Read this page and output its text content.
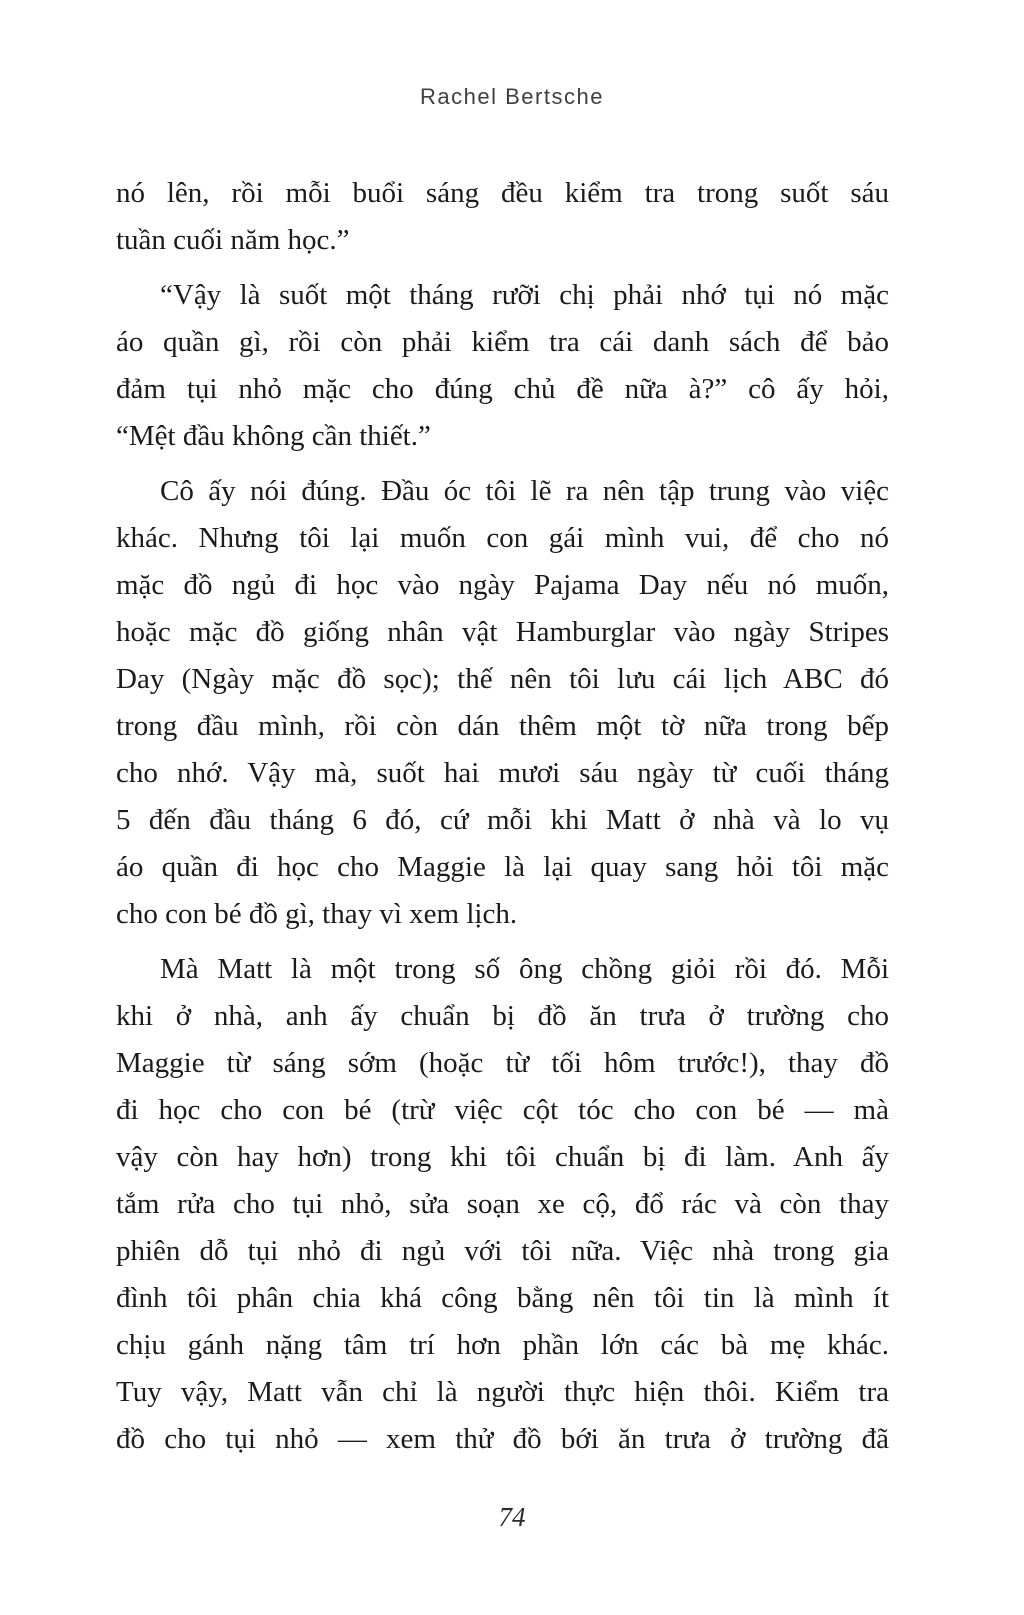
Rachel Bertsche
nó lên, rồi mỗi buổi sáng đều kiểm tra trong suốt sáu
tuần cuối năm học.”
“Vậy là suốt một tháng rưỡi chị phải nhớ tụi nó mặc
áo quần gì, rồi còn phải kiểm tra cái danh sách để bảo
đảm tụi nhỏ mặc cho đúng chủ đề nữa à?” cô ấy hỏi,
“Mệt đầu không cần thiết.”
Cô ấy nói đúng. Đầu óc tôi lẽ ra nên tập trung vào việc
khác. Nhưng tôi lại muốn con gái mình vui, để cho nó
mặc đồ ngủ đi học vào ngày Pajama Day nếu nó muốn,
hoặc mặc đồ giống nhân vật Hamburglar vào ngày Stripes
Day (Ngày mặc đồ sọc); thế nên tôi lưu cái lịch ABC đó
trong đầu mình, rồi còn dán thêm một tờ nữa trong bếp
cho nhớ. Vậy mà, suốt hai mươi sáu ngày từ cuối tháng
5 đến đầu tháng 6 đó, cứ mỗi khi Matt ở nhà và lo vụ
áo quần đi học cho Maggie là lại quay sang hỏi tôi mặc
cho con bé đồ gì, thay vì xem lịch.
Mà Matt là một trong số ông chồng giỏi rồi đó. Mỗi
khi ở nhà, anh ấy chuẩn bị đồ ăn trưa ở trường cho
Maggie từ sáng sớm (hoặc từ tối hôm trước!), thay đồ
đi học cho con bé (trừ việc cột tóc cho con bé — mà
vậy còn hay hơn) trong khi tôi chuẩn bị đi làm. Anh ấy
tắm rửa cho tụi nhỏ, sửa soạn xe cộ, đổ rác và còn thay
phiên dỗ tụi nhỏ đi ngủ với tôi nữa. Việc nhà trong gia
đình tôi phân chia khá công bằng nên tôi tin là mình ít
chịu gánh nặng tâm trí hơn phần lớn các bà mẹ khác.
Tuy vậy, Matt vẫn chỉ là người thực hiện thôi. Kiểm tra
đồ cho tụi nhỏ — xem thử đồ bới ăn trưa ở trường đã
74
